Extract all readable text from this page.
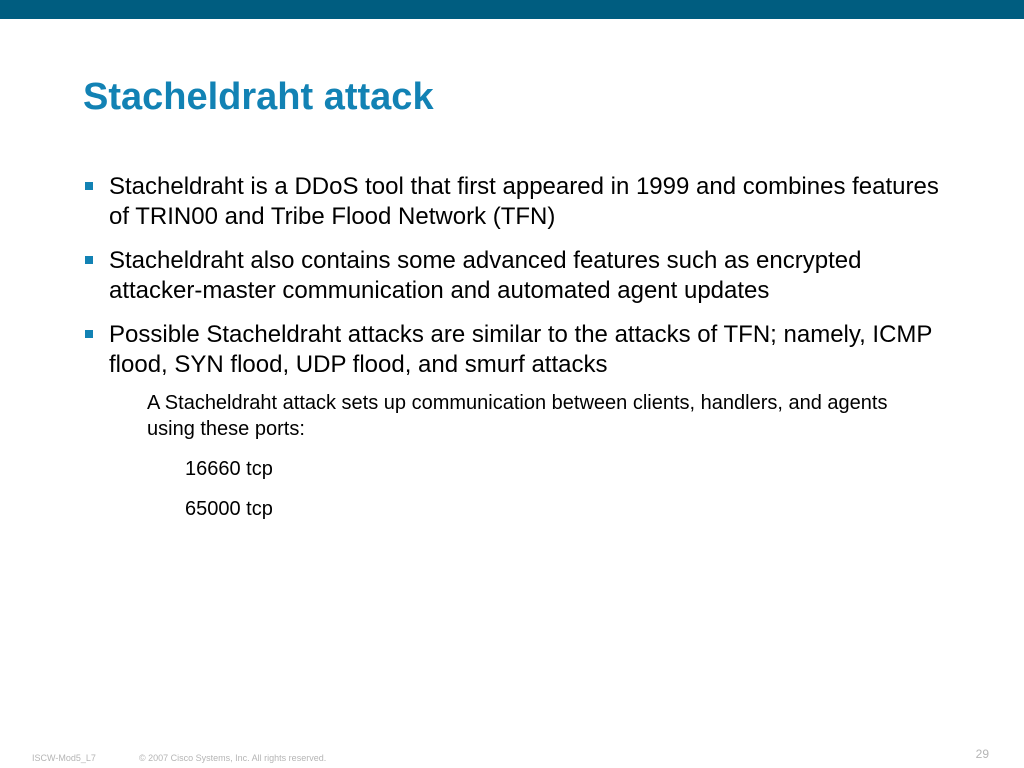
Stacheldraht attack
Stacheldraht is a DDoS tool that first appeared in 1999 and combines features of TRIN00 and Tribe Flood Network (TFN)
Stacheldraht also contains some advanced features such as encrypted attacker-master communication and automated agent updates
Possible Stacheldraht attacks are similar to the attacks of TFN; namely, ICMP flood, SYN flood, UDP flood, and smurf attacks
A Stacheldraht attack sets up communication between clients, handlers, and agents using these ports:
16660 tcp
65000 tcp
ISCW-Mod5_L7	© 2007 Cisco Systems, Inc. All rights reserved.	29
